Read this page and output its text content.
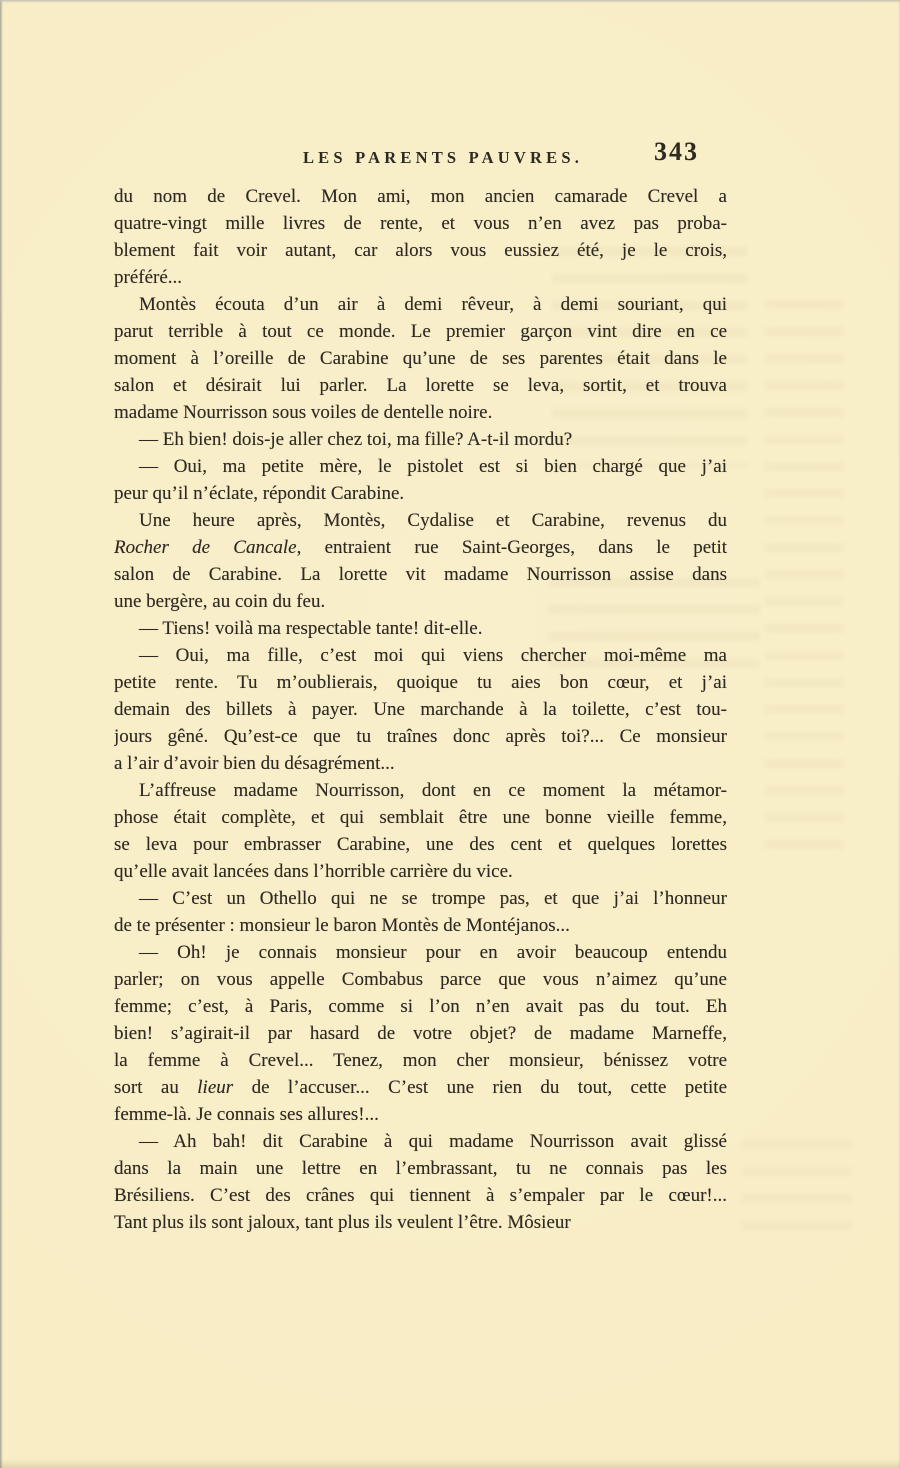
LES PARENTS PAUVRES.	343
du nom de Crevel. Mon ami, mon ancien camarade Crevel a
quatre-vingt mille livres de rente, et vous n’en avez pas proba-
blement fait voir autant, car alors vous eussiez été, je le crois,
préféré...
Montès écouta d’un air à demi rêveur, à demi souriant, qui
parut terrible à tout ce monde. Le premier garçon vint dire en ce
moment à l’oreille de Carabine qu’une de ses parentes était dans le
salon et désirait lui parler. La lorette se leva, sortit, et trouva
madame Nourrisson sous voiles de dentelle noire.
— Eh bien! dois-je aller chez toi, ma fille? A-t-il mordu?
— Oui, ma petite mère, le pistolet est si bien chargé que j’ai
peur qu’il n’éclate, répondit Carabine.
Une heure après, Montès, Cydalise et Carabine, revenus du
Rocher de Cancale, entraient rue Saint-Georges, dans le petit
salon de Carabine. La lorette vit madame Nourrisson assise dans
une bergère, au coin du feu.
— Tiens! voilà ma respectable tante! dit-elle.
— Oui, ma fille, c’est moi qui viens chercher moi-même ma
petite rente. Tu m’oublierais, quoique tu aies bon cœur, et j’ai
demain des billets à payer. Une marchande à la toilette, c’est tou-
jours gêné. Qu’est-ce que tu traînes donc après toi?... Ce monsieur
a l’air d’avoir bien du désagrément...
L’affreuse madame Nourrisson, dont en ce moment la métamor-
phose était complète, et qui semblait être une bonne vieille femme,
se leva pour embrasser Carabine, une des cent et quelques lorettes
qu’elle avait lancées dans l’horrible carrière du vice.
— C’est un Othello qui ne se trompe pas, et que j’ai l’honneur
de te présenter : monsieur le baron Montès de Montéjanos...
— Oh! je connais monsieur pour en avoir beaucoup entendu
parler; on vous appelle Combabus parce que vous n’aimez qu’une
femme; c’est, à Paris, comme si l’on n’en avait pas du tout. Eh
bien! s’agirait-il par hasard de votre objet? de madame Marneffe,
la femme à Crevel... Tenez, mon cher monsieur, bénissez votre
sort au lieur de l’accuser... C’est une rien du tout, cette petite
femme-là. Je connais ses allures!...
— Ah bah! dit Carabine à qui madame Nourrisson avait glissé
dans la main une lettre en l’embrassant, tu ne connais pas les
Brésiliens. C’est des crânes qui tiennent à s’empaler par le cœur!...
Tant plus ils sont jaloux, tant plus ils veulent l’être. Môsieur
